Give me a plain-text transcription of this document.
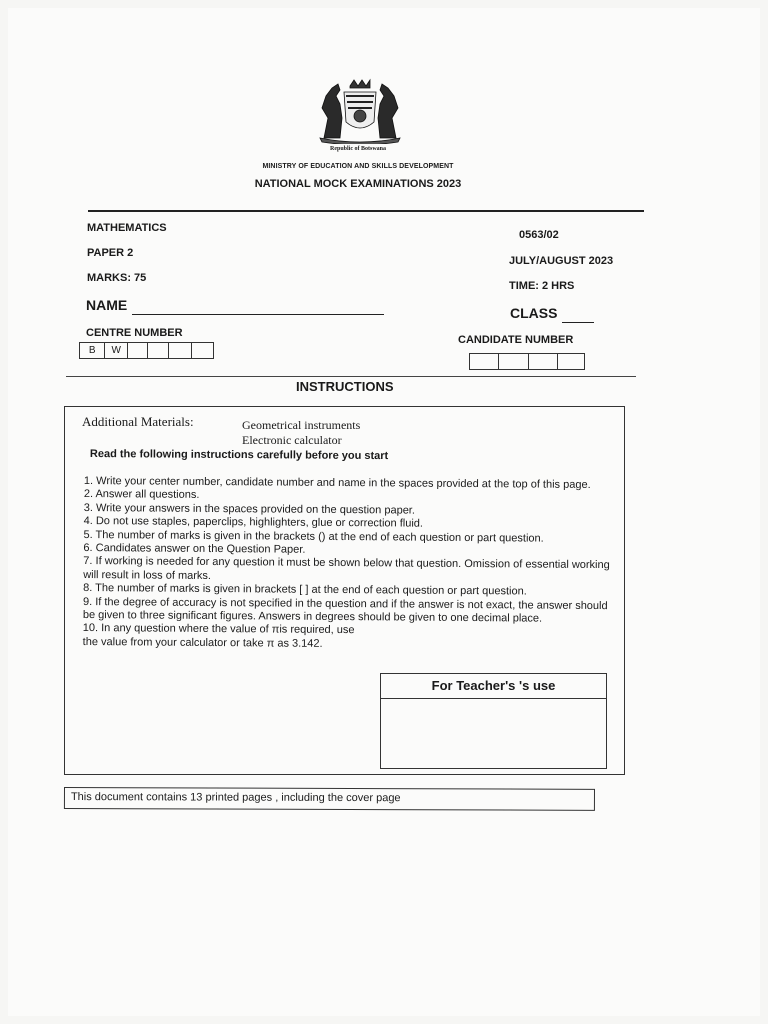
Republic of Botswana
MINISTRY OF EDUCATION AND SKILLS DEVELOPMENT
NATIONAL MOCK EXAMINATIONS 2023
MATHEMATICS
PAPER 2
MARKS: 75
0563/02
JULY/AUGUST 2023
TIME: 2 HRS
NAME	CLASS
CENTRE NUMBER
B	W
CANDIDATE NUMBER
INSTRUCTIONS
Additional Materials:	Geometrical instruments
Electronic calculator
Read the following instructions carefully before you start

1. Write your center number, candidate number and name in the spaces provided at the top of this page.

2. Answer all questions.

3. Write your answers in the spaces provided on the question paper.

4. Do not use staples, paperclips, highlighters, glue or correction fluid.

5. The number of marks is given in the brackets () at the end of each question or part question.

6. Candidates answer on the Question Paper.

7. If working is needed for any question it must be shown below that question. Omission of essential working will result in loss of marks.

8. The number of marks is given in brackets [ ] at the end of each question or part question.

9. If the degree of accuracy is not specified in the question and if the answer is not exact, the answer should be given to three significant figures. Answers in degrees should be given to one decimal place.

10. In any question where the value of πis required, use the value from your calculator or take π as 3.142.

For Teacher's 's use
This document contains 13 printed pages , including the cover page
